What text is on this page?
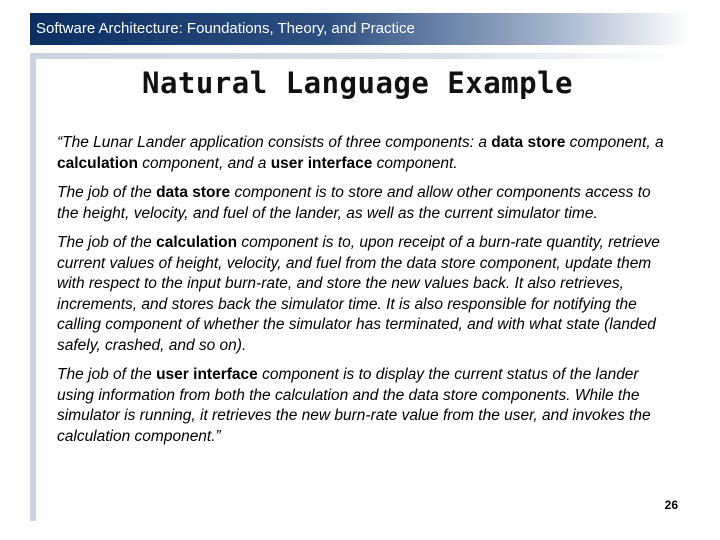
Software Architecture: Foundations, Theory, and Practice
Natural Language Example

“The Lunar Lander application consists of three components: a data store component, a calculation component, and a user interface component.

The job of the data store component is to store and allow other components access to the height, velocity, and fuel of the lander, as well as the current simulator time.

The job of the calculation component is to, upon receipt of a burn-rate quantity, retrieve current values of height, velocity, and fuel from the data store component, update them with respect to the input burn-rate, and store the new values back. It also retrieves, increments, and stores back the simulator time. It is also responsible for notifying the calling component of whether the simulator has terminated, and with what state (landed safely, crashed, and so on).

The job of the user interface component is to display the current status of the lander using information from both the calculation and the data store components. While the simulator is running, it retrieves the new burn-rate value from the user, and invokes the calculation component.”

26
